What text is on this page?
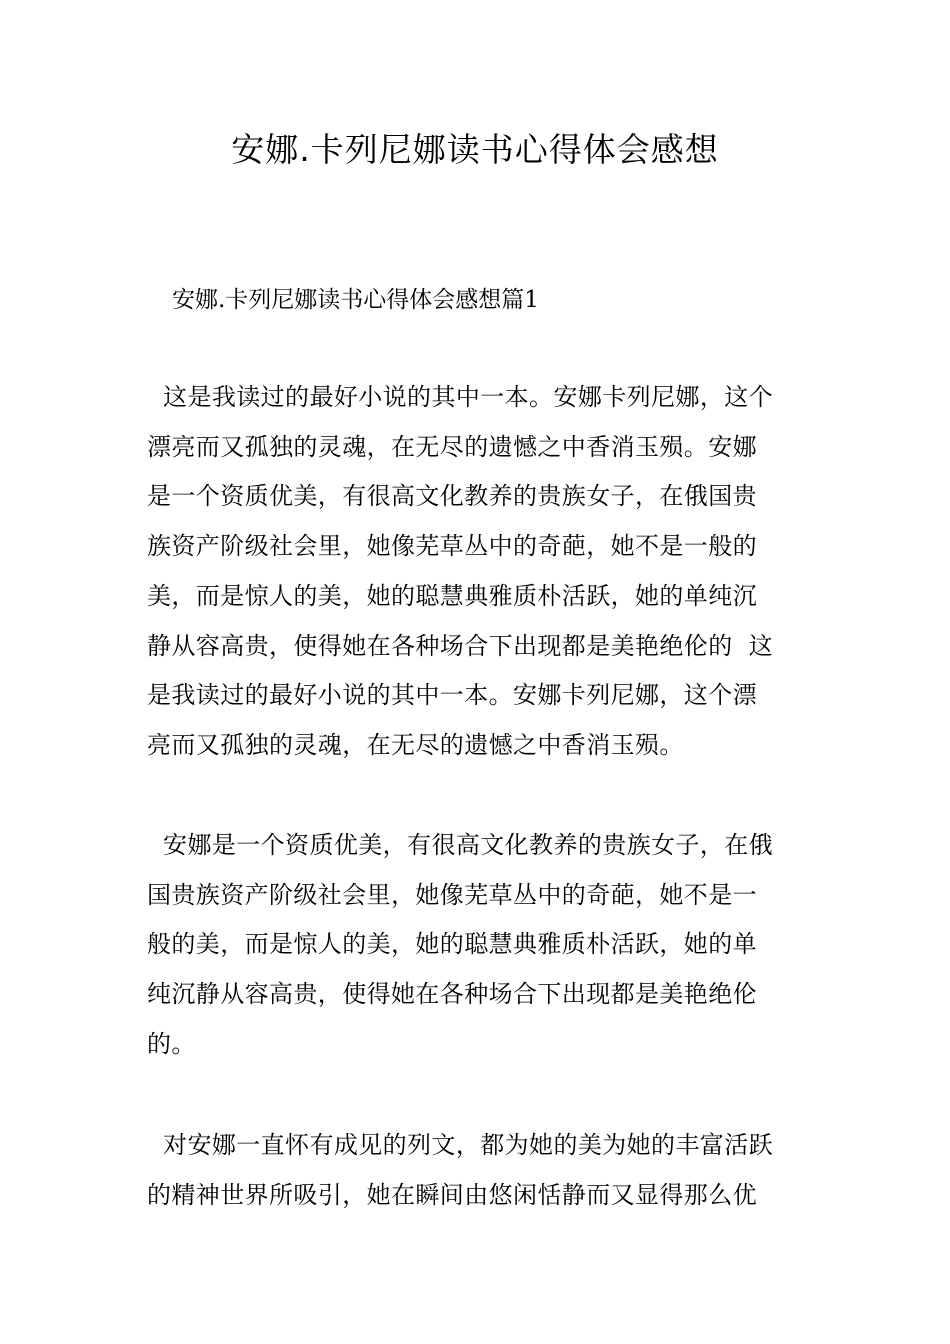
安娜.卡列尼娜读书心得体会感想
安娜.卡列尼娜读书心得体会感想篇1
这是我读过的最好小说的其中一本。安娜卡列尼娜，这个
漂亮而又孤独的灵魂，在无尽的遗憾之中香消玉殒。安娜
是一个资质优美，有很高文化教养的贵族女子，在俄国贵
族资产阶级社会里，她像芜草丛中的奇葩，她不是一般的
美，而是惊人的美，她的聪慧典雅质朴活跃，她的单纯沉
静从容高贵，使得她在各种场合下出现都是美艳绝伦的  这
是我读过的最好小说的其中一本。安娜卡列尼娜，这个漂
亮而又孤独的灵魂，在无尽的遗憾之中香消玉殒。
安娜是一个资质优美，有很高文化教养的贵族女子，在俄
国贵族资产阶级社会里，她像芜草丛中的奇葩，她不是一
般的美，而是惊人的美，她的聪慧典雅质朴活跃，她的单
纯沉静从容高贵，使得她在各种场合下出现都是美艳绝伦
的。
对安娜一直怀有成见的列文，都为她的美为她的丰富活跃
的精神世界所吸引，她在瞬间由悠闲恬静而又显得那么优
